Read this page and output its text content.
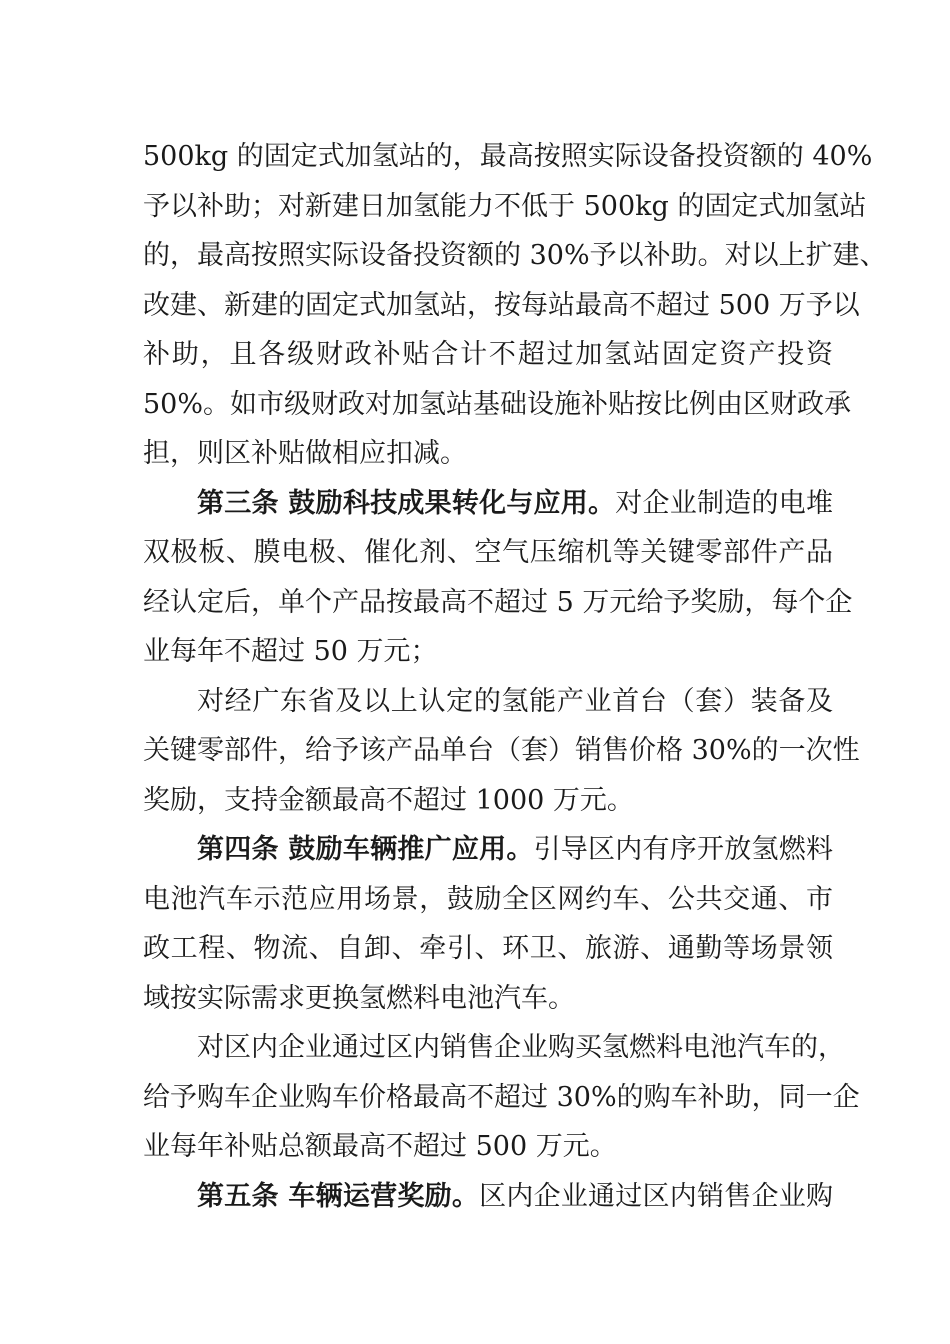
500kg 的固定式加氢站的，最高按照实际设备投资额的 40%
予以补助；对新建日加氢能力不低于 500kg 的固定式加氢站
的，最高按照实际设备投资额的 30%予以补助。对以上扩建、
改建、新建的固定式加氢站，按每站最高不超过 500 万予以
补助，且各级财政补贴合计不超过加氢站固定资产投资
50%。如市级财政对加氢站基础设施补贴按比例由区财政承
担，则区补贴做相应扣减。
第三条 鼓励科技成果转化与应用。对企业制造的电堆
双极板、膜电极、催化剂、空气压缩机等关键零部件产品
经认定后，单个产品按最高不超过 5 万元给予奖励，每个企
业每年不超过 50 万元；
对经广东省及以上认定的氢能产业首台（套）装备及
关键零部件，给予该产品单台（套）销售价格 30%的一次性
奖励，支持金额最高不超过 1000 万元。
第四条 鼓励车辆推广应用。引导区内有序开放氢燃料
电池汽车示范应用场景，鼓励全区网约车、公共交通、市
政工程、物流、自卸、牵引、环卫、旅游、通勤等场景领
域按实际需求更换氢燃料电池汽车。
对区内企业通过区内销售企业购买氢燃料电池汽车的，
给予购车企业购车价格最高不超过 30%的购车补助，同一企
业每年补贴总额最高不超过 500 万元。
第五条 车辆运营奖励。区内企业通过区内销售企业购
